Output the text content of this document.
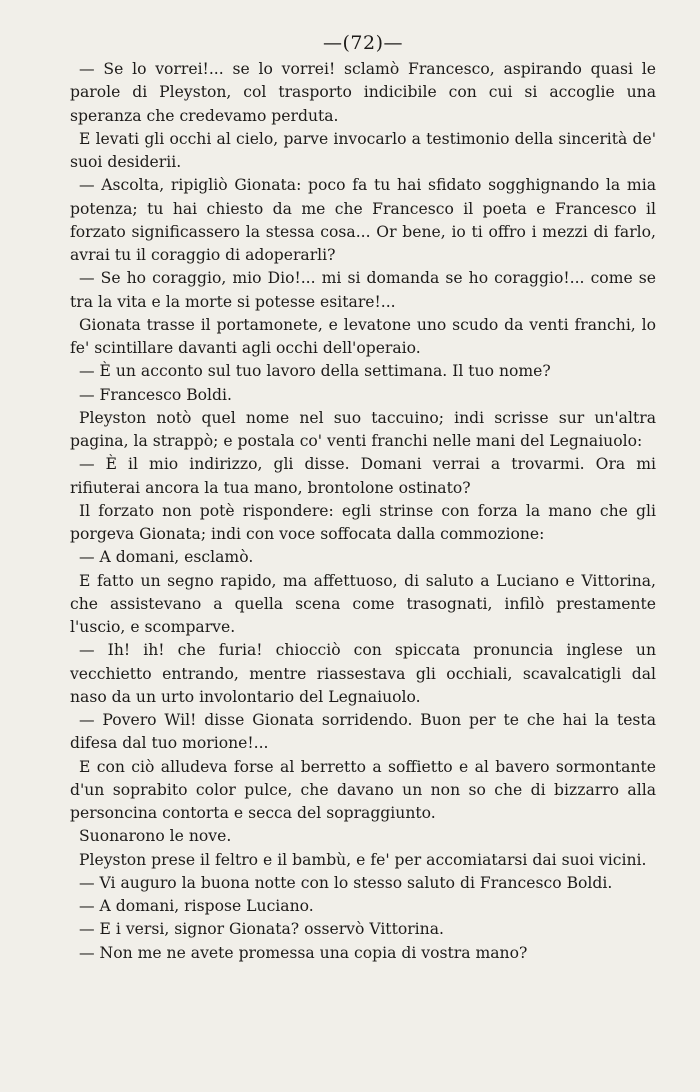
—(72)—

— Se lo vorrei!... se lo vorrei! sclamò Francesco, aspirando quasi le parole di Pleyston, col trasporto indicibile con cui si accoglie una speranza che credevamo perduta.

E levati gli occhi al cielo, parve invocarlo a testimonio della sincerità de' suoi desiderii.

— Ascolta, ripigliò Gionata: poco fa tu hai sfidato sogghignando la mia potenza; tu hai chiesto da me che Francesco il poeta e Francesco il forzato significassero la stessa cosa... Or bene, io ti offro i mezzi di farlo, avrai tu il coraggio di adoperarli?

— Se ho coraggio, mio Dio!... mi si domanda se ho coraggio!... come se tra la vita e la morte si potesse esitare!...

Gionata trasse il portamonete, e levatone uno scudo da venti franchi, lo fe' scintillare davanti agli occhi dell'operaio.

— È un acconto sul tuo lavoro della settimana. Il tuo nome?

— Francesco Boldi.

Pleyston notò quel nome nel suo taccuino; indi scrisse sur un'altra pagina, la strappò; e postala co' venti franchi nelle mani del Legnaiuolo:

— È il mio indirizzo, gli disse. Domani verrai a trovarmi. Ora mi rifiuterai ancora la tua mano, brontolone ostinato?

Il forzato non potè rispondere: egli strinse con forza la mano che gli porgeva Gionata; indi con voce soffocata dalla commozione:

— A domani, esclamò.

E fatto un segno rapido, ma affettuoso, di saluto a Luciano e Vittorina, che assistevano a quella scena come trasognati, infilò prestamente l'uscio, e scomparve.

— Ih! ih! che furia! chiocciò con spiccata pronuncia inglese un vecchietto entrando, mentre riassestava gli occhiali, scavalcatigli dal naso da un urto involontario del Legnaiuolo.

— Povero Wil! disse Gionata sorridendo. Buon per te che hai la testa difesa dal tuo morione!...

E con ciò alludeva forse al berretto a soffietto e al bavero sormontante d'un soprabito color pulce, che davano un non so che di bizzarro alla personcina contorta e secca del sopraggiunto.

Suonarono le nove.

Pleyston prese il feltro e il bambù, e fe' per accomiatarsi dai suoi vicini.

— Vi auguro la buona notte con lo stesso saluto di Francesco Boldi.

— A domani, rispose Luciano.

— E i versi, signor Gionata? osservò Vittorina.

— Non me ne avete promessa una copia di vostra mano?
